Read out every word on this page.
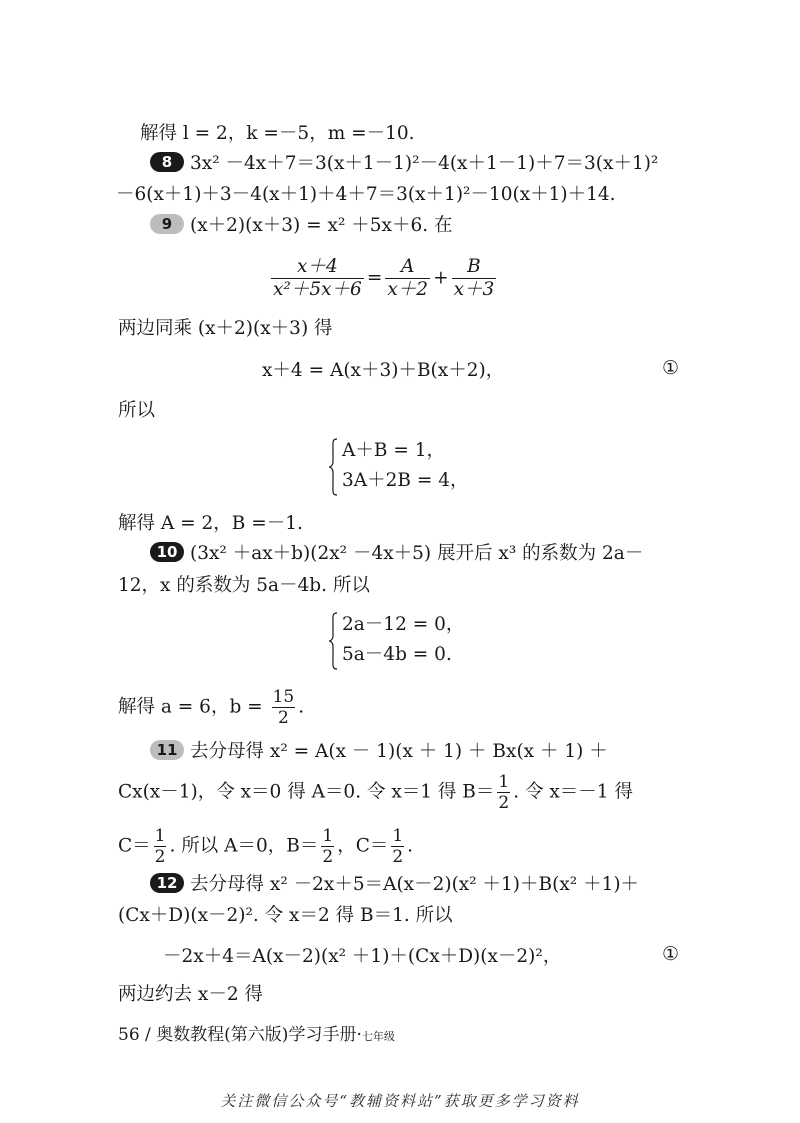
解得 l = 2，k =－5，m =－10.
8 3x² －4x＋7＝3(x＋1－1)²－4(x＋1－1)＋7＝3(x＋1)²
－6(x＋1)＋3－4(x＋1)＋4＋7＝3(x＋1)²－10(x＋1)＋14.
9 (x＋2)(x＋3) = x² ＋5x＋6. 在
$\frac{x+4}{\text{x²＋5x＋6}} = \frac{A}{x+2} + \frac{B}{x+3}$
两边同乘 (x＋2)(x＋3) 得
x＋4 = A(x＋3)＋B(x＋2)，	①
所以
A＋B = 1，
3A＋2B = 4，
解得 A = 2，B =－1.
10 (3x² ＋ax＋b)(2x² －4x＋5) 展开后 x³ 的系数为 2a－
12，x 的系数为 5a－4b. 所以
2a－12 = 0，
5a－4b = 0.
解得 a = 6，$b = \frac{15}{2}$ .
11 去分母得 x² = A(x － 1)(x ＋ 1) ＋ Bx(x ＋ 1) ＋
Cx(x－1)，令 x＝0 得 A＝0. 令 x＝1 得 $B= \frac{1}{2}$ . 令 x＝－1 得
$C= \frac{1}{2}$ . 所以 A＝0，$B= \frac{1}{2}$ ，$C= \frac{1}{2}$ .
12 去分母得 x² －2x＋5＝A(x－2)(x² ＋1)＋B(x² ＋1)＋
(Cx＋D)(x－2)². 令 x＝2 得 B＝1. 所以
－2x＋4＝A(x－2)(x² ＋1)＋(Cx＋D)(x－2)²，	①
两边约去 x－2 得
56 / 奥数教程(第六版)学习手册·七年级
关注微信公众号“教辅资料站”获取更多学习资料
